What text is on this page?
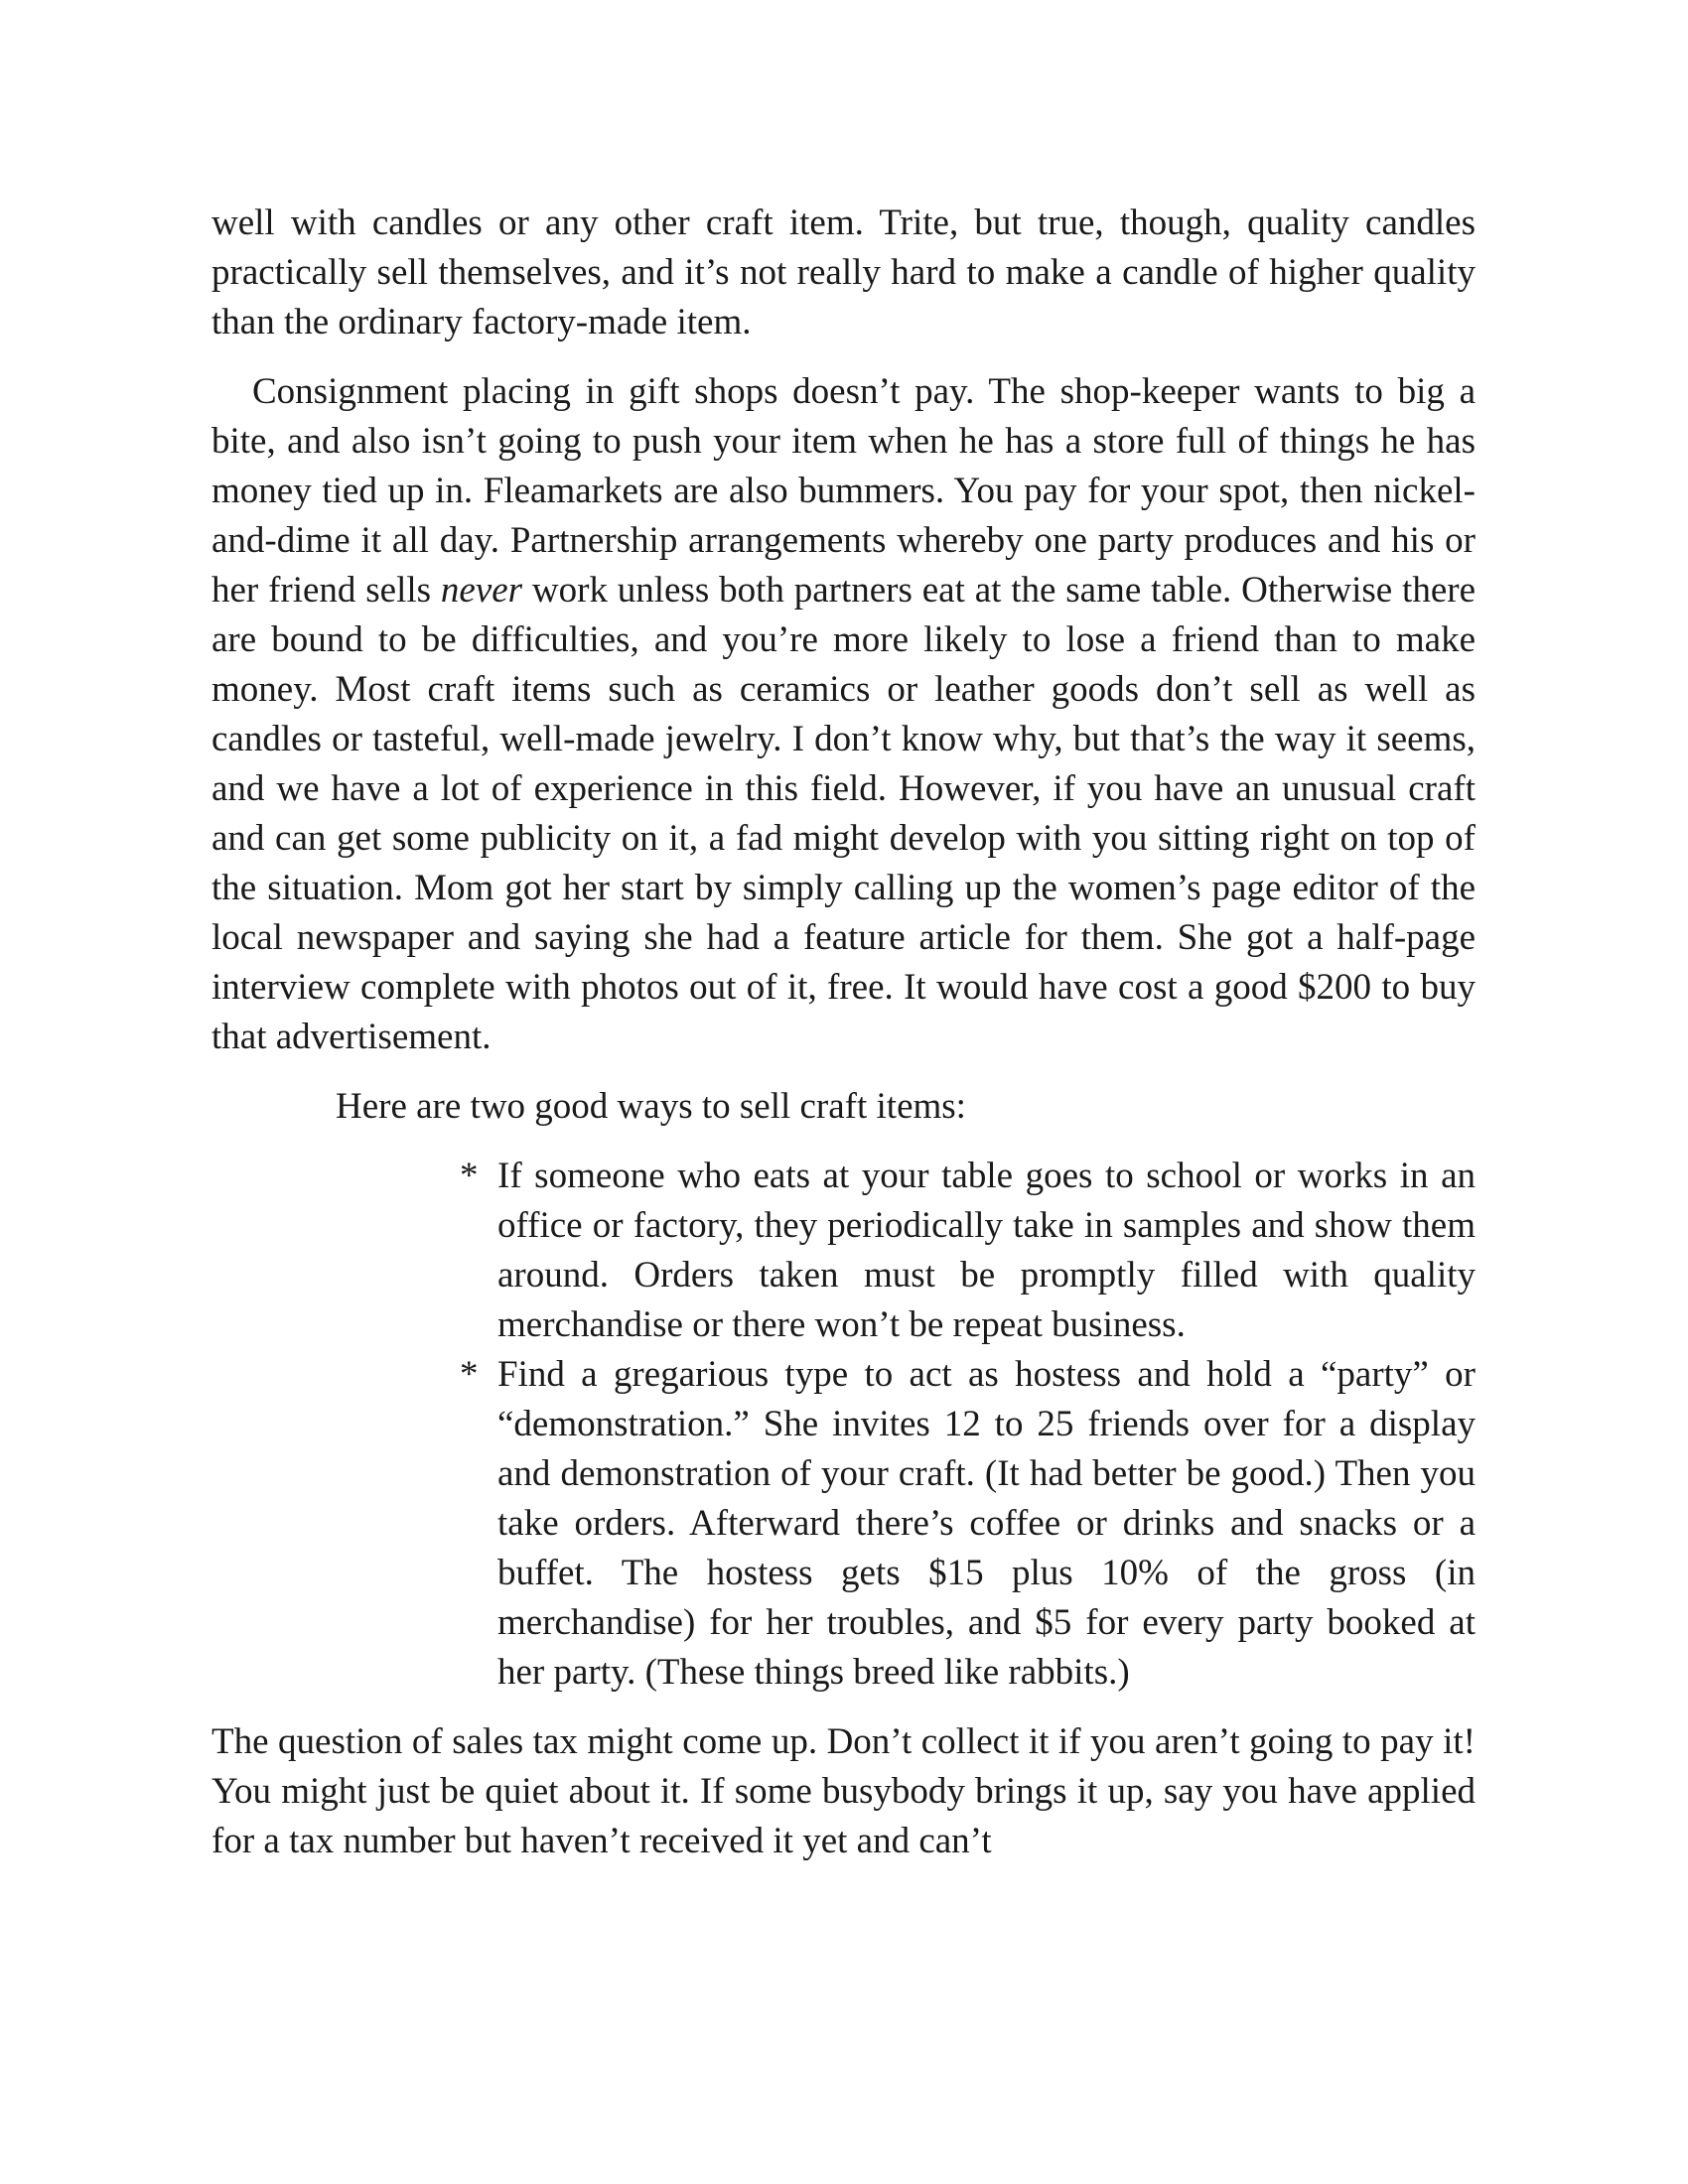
well with candles or any other craft item. Trite, but true, though, quality candles practically sell themselves, and it’s not really hard to make a candle of higher quality than the ordinary factory-made item.

Consignment placing in gift shops doesn’t pay. The shop-keeper wants to big a bite, and also isn’t going to push your item when he has a store full of things he has money tied up in. Fleamarkets are also bummers. You pay for your spot, then nickel-and-dime it all day. Partnership arrangements whereby one party produces and his or her friend sells never work unless both partners eat at the same table. Otherwise there are bound to be difficulties, and you’re more likely to lose a friend than to make money. Most craft items such as ceramics or leather goods don’t sell as well as candles or tasteful, well-made jewelry. I don’t know why, but that’s the way it seems, and we have a lot of experience in this field. However, if you have an unusual craft and can get some publicity on it, a fad might develop with you sitting right on top of the situation. Mom got her start by simply calling up the women’s page editor of the local newspaper and saying she had a feature article for them. She got a half-page interview complete with photos out of it, free. It would have cost a good $200 to buy that advertisement.

Here are two good ways to sell craft items:

* If someone who eats at your table goes to school or works in an office or factory, they periodically take in samples and show them around. Orders taken must be promptly filled with quality merchandise or there won’t be repeat business.
* Find a gregarious type to act as hostess and hold a “party” or “demonstration.” She invites 12 to 25 friends over for a display and demonstration of your craft. (It had better be good.) Then you take orders. Afterward there’s coffee or drinks and snacks or a buffet. The hostess gets $15 plus 10% of the gross (in merchandise) for her troubles, and $5 for every party booked at her party. (These things breed like rabbits.)

The question of sales tax might come up. Don’t collect it if you aren’t going to pay it! You might just be quiet about it. If some busybody brings it up, say you have applied for a tax number but haven’t received it yet and can’t
